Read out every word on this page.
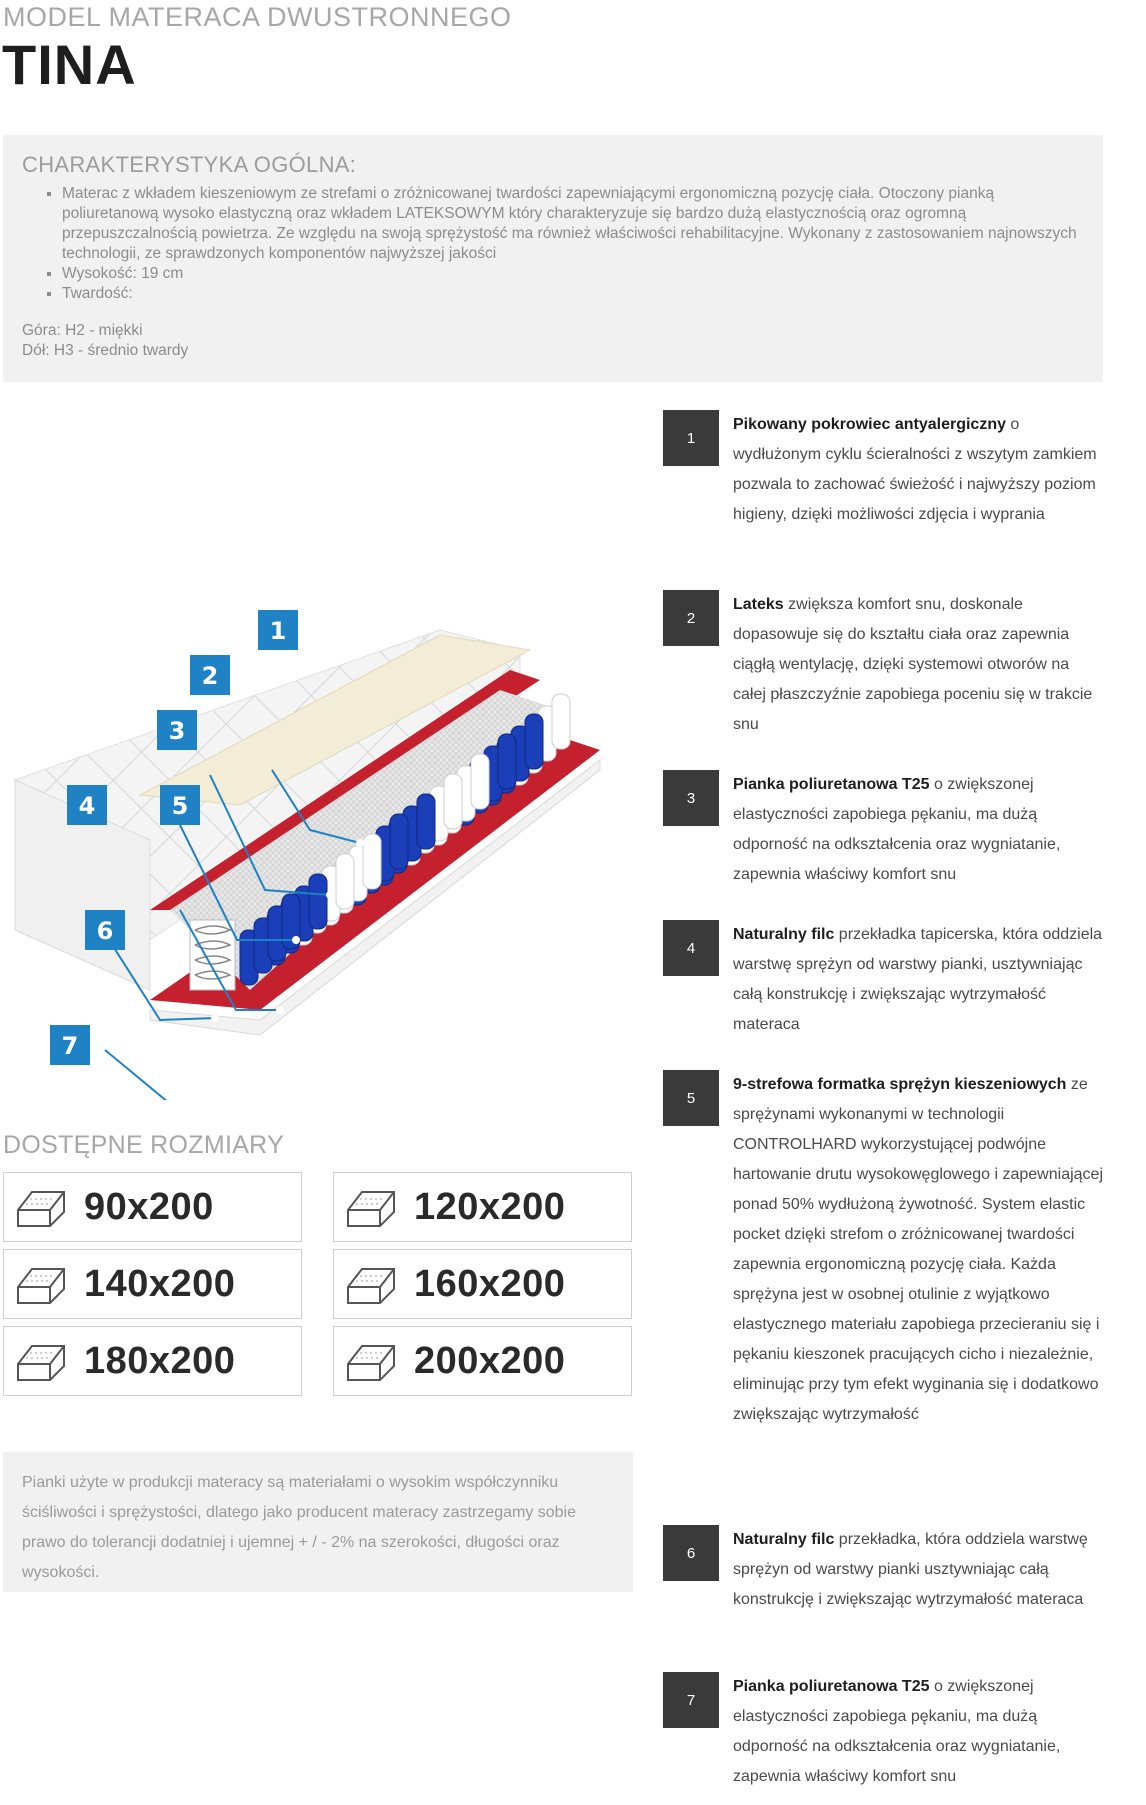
MODEL MATERACA DWUSTRONNEGO
TINA
CHARAKTERYSTYKA OGÓLNA:
▪ Materac z wkładem kieszeniowym ze strefami o zróżnicowanej twardości zapewniającymi ergonomiczną pozycję ciała. Otoczony pianką poliuretanową wysoko elastyczną oraz wkładem LATEKSOWYM który charakteryzuje się bardzo dużą elastycznością oraz ogromną przepuszczalnością powietrza. Ze względu na swoją sprężystość ma również właściwości rehabilitacyjne. Wykonany z zastosowaniem najnowszych technologii, ze sprawdzonych komponentów najwyższej jakości
▪ Wysokość: 19 cm
▪ Twardość:
Góra: H2 - miękki
Dół: H3 - średnio twardy
1
2
3
4	5
6
7
DOSTĘPNE ROZMIARY
90x200	120x200
140x200	160x200
180x200	200x200
Pianki użyte w produkcji materacy są materiałami o wysokim współczynniku ściśliwości i sprężystości, dlatego jako producent materacy zastrzegamy sobie prawo do tolerancji dodatniej i ujemnej + / - 2% na szerokości, długości oraz wysokości.
1
Pikowany pokrowiec antyalergiczny o wydłużonym cyklu ścieralności z wszytym zamkiem pozwala to zachować świeżość i najwyższy poziom higieny, dzięki możliwości zdjęcia i wyprania
2
Lateks zwiększa komfort snu, doskonale dopasowuje się do kształtu ciała oraz zapewnia ciągłą wentylację, dzięki systemowi otworów na całej płaszczyźnie zapobiega poceniu się w trakcie snu
3
Pianka poliuretanowa T25 o zwiększonej elastyczności zapobiega pękaniu, ma dużą odporność na odkształcenia oraz wygniatanie, zapewnia właściwy komfort snu
4
Naturalny filc przekładka tapicerska, która oddziela warstwę sprężyn od warstwy pianki, usztywniając całą konstrukcję i zwiększając wytrzymałość materaca
5
9-strefowa formatka sprężyn kieszeniowych ze sprężynami wykonanymi w technologii CONTROLHARD wykorzystującej podwójne hartowanie drutu wysokowęglowego i zapewniającej ponad 50% wydłużoną żywotność. System elastic pocket dzięki strefom o zróżnicowanej twardości zapewnia ergonomiczną pozycję ciała. Każda sprężyna jest w osobnej otulinie z wyjątkowo elastycznego materiału zapobiega przecieraniu się i pękaniu kieszonek pracujących cicho i niezależnie, eliminując przy tym efekt wyginania się i dodatkowo zwiększając wytrzymałość
6
Naturalny filc przekładka, która oddziela warstwę sprężyn od warstwy pianki usztywniając całą konstrukcję i zwiększając wytrzymałość materaca
7
Pianka poliuretanowa T25 o zwiększonej elastyczności zapobiega pękaniu, ma dużą odporność na odkształcenia oraz wygniatanie, zapewnia właściwy komfort snu
